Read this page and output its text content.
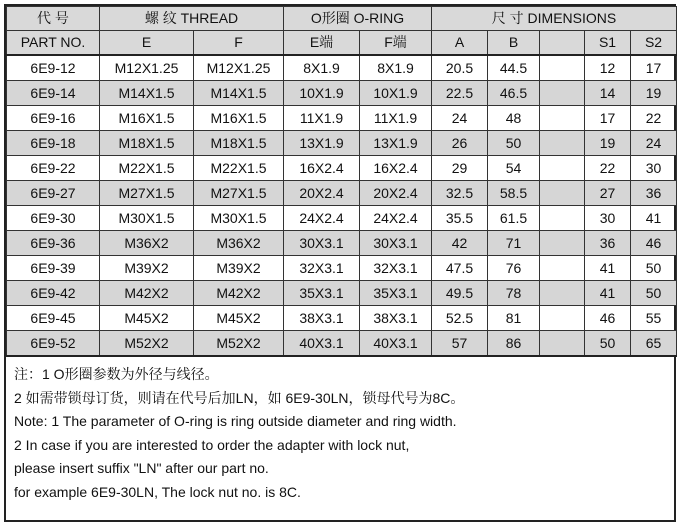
代 号	螺 纹 THREAD		O形圈 O-RING		尺 寸 DIMENSIONS				
PART NO.	E	F	E端	F端	A	B		S1	S2
6E9-12	M12X1.25	M12X1.25	8X1.9	8X1.9	20.5	44.5		12	17
6E9-14	M14X1.5	M14X1.5	10X1.9	10X1.9	22.5	46.5		14	19
6E9-16	M16X1.5	M16X1.5	11X1.9	11X1.9	24	48		17	22
6E9-18	M18X1.5	M18X1.5	13X1.9	13X1.9	26	50		19	24
6E9-22	M22X1.5	M22X1.5	16X2.4	16X2.4	29	54		22	30
6E9-27	M27X1.5	M27X1.5	20X2.4	20X2.4	32.5	58.5		27	36
6E9-30	M30X1.5	M30X1.5	24X2.4	24X2.4	35.5	61.5		30	41
6E9-36	M36X2	M36X2	30X3.1	30X3.1	42	71		36	46
6E9-39	M39X2	M39X2	32X3.1	32X3.1	47.5	76		41	50
6E9-42	M42X2	M42X2	35X3.1	35X3.1	49.5	78		41	50
6E9-45	M45X2	M45X2	38X3.1	38X3.1	52.5	81		46	55
6E9-52	M52X2	M52X2	40X3.1	40X3.1	57	86		50	65
注：1 O形圈参数为外径与线径。
2 如需带锁母订货，则请在代号后加LN，如 6E9-30LN，锁母代号为8C。
Note: 1 The parameter of O-ring is ring outside diameter and ring width.
2 In case if you are interested to order the adapter with lock nut,
please insert suffix "LN" after our part no.
for example 6E9-30LN, The lock nut no. is 8C.
